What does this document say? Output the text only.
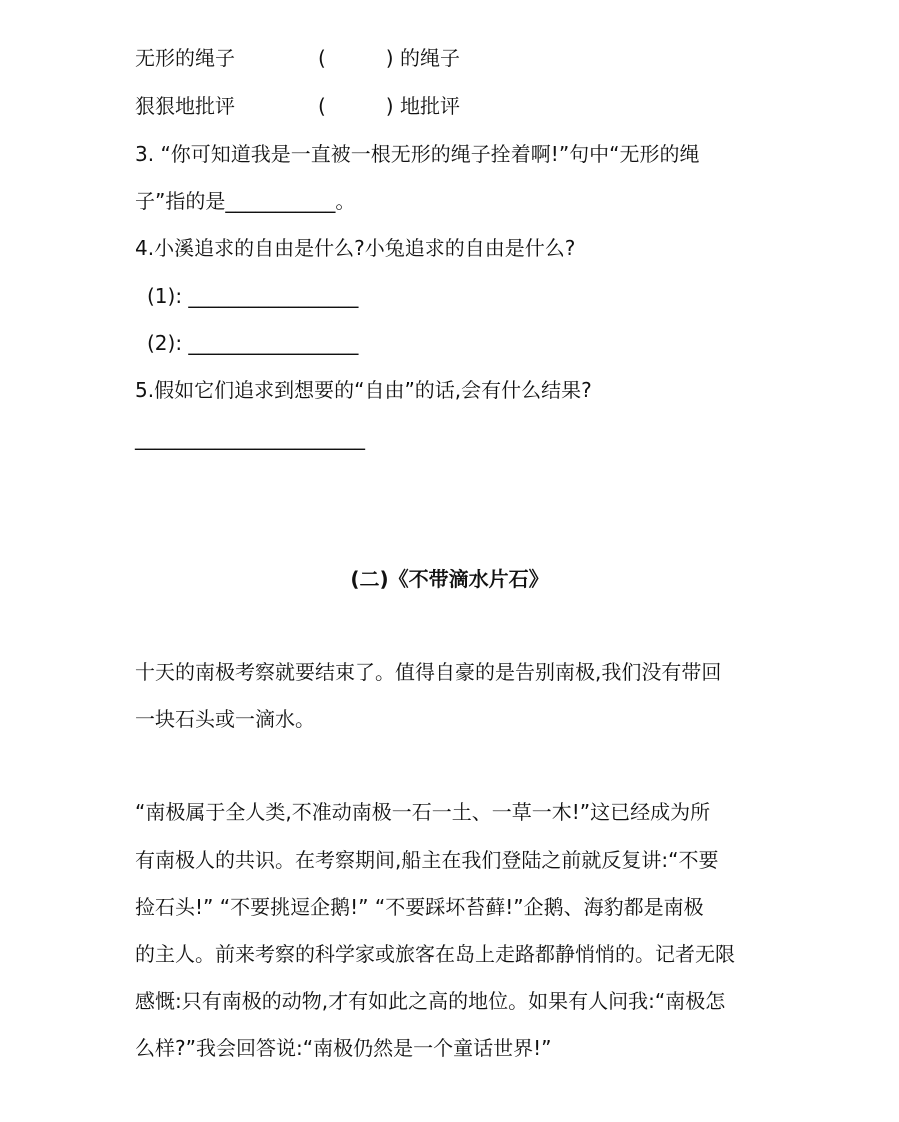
无形的绳子	(　　　) 的绳子
狠狠地批评	(　　　) 地批评
3. “你可知道我是一直被一根无形的绳子拴着啊!”句中“无形的绳
子”指的是___________。
4.小溪追求的自由是什么?小兔追求的自由是什么?
(1): _________________
(2): _________________
5.假如它们追求到想要的“自由”的话,会有什么结果?
_______________________
(二)《不带滴水片石》
十天的南极考察就要结束了。值得自豪的是告别南极,我们没有带回
一块石头或一滴水。
“南极属于全人类,不准动南极一石一土、一草一木!”这已经成为所
有南极人的共识。在考察期间,船主在我们登陆之前就反复讲:“不要
捡石头!” “不要挑逗企鹅!” “不要踩坏苔藓!”企鹅、海豹都是南极
的主人。前来考察的科学家或旅客在岛上走路都静悄悄的。记者无限
感慨:只有南极的动物,才有如此之高的地位。如果有人问我:“南极怎
么样?”我会回答说:“南极仍然是一个童话世界!”
